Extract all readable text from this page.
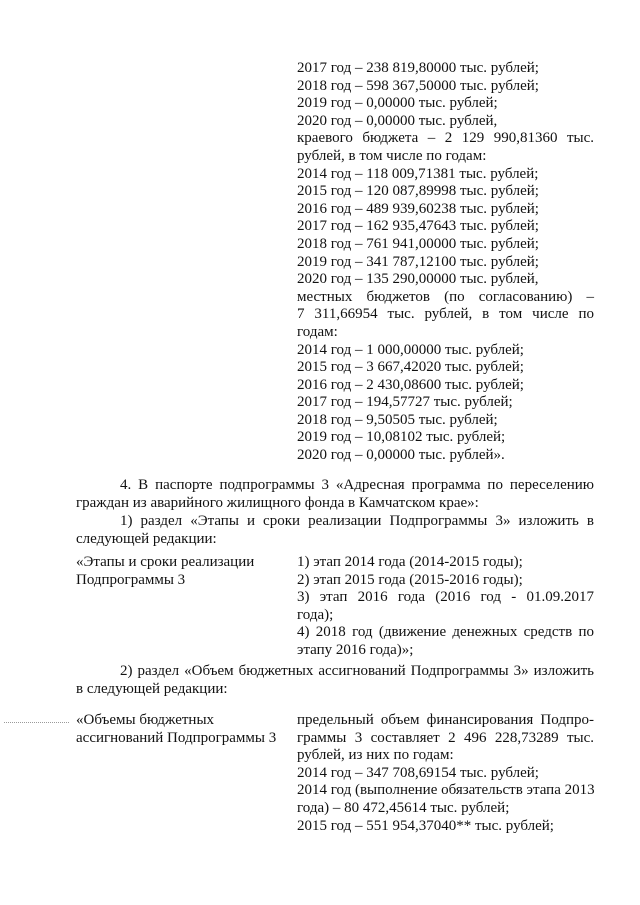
2017 год – 238 819,80000 тыс. рублей;
2018 год – 598 367,50000 тыс. рублей;
2019 год – 0,00000 тыс. рублей;
2020 год – 0,00000 тыс. рублей,
краевого бюджета – 2 129 990,81360 тыс.
рублей, в том числе по годам:
2014 год – 118 009,71381 тыс. рублей;
2015 год – 120 087,89998 тыс. рублей;
2016 год – 489 939,60238 тыс. рублей;
2017 год – 162 935,47643 тыс. рублей;
2018 год – 761 941,00000 тыс. рублей;
2019 год – 341 787,12100 тыс. рублей;
2020 год – 135 290,00000 тыс. рублей,
местных бюджетов (по согласованию) –
7 311,66954 тыс. рублей, в том числе по
годам:
2014 год – 1 000,00000 тыс. рублей;
2015 год – 3 667,42020 тыс. рублей;
2016 год – 2 430,08600 тыс. рублей;
2017 год – 194,57727 тыс. рублей;
2018 год – 9,50505 тыс. рублей;
2019 год – 10,08102 тыс. рублей;
2020 год – 0,00000 тыс. рублей».
4. В паспорте подпрограммы 3 «Адресная программа по переселению
граждан из аварийного жилищного фонда в Камчатском крае»:
1) раздел «Этапы и сроки реализации Подпрограммы 3» изложить в
следующей редакции:
«Этапы и сроки реализации
Подпрограммы 3
1) этап 2014 года (2014-2015 годы);
2) этап 2015 года (2015-2016 годы);
3) этап 2016 года (2016 год - 01.09.2017
года);
4) 2018 год (движение денежных средств по
этапу 2016 года)»;
2) раздел «Объем бюджетных ассигнований Подпрограммы 3» изложить
в следующей редакции:
«Объемы бюджетных
ассигнований Подпрограммы 3
предельный объем финансирования Подпро-
граммы 3 составляет 2 496 228,73289 тыс.
рублей, из них по годам:
2014 год – 347 708,69154 тыс. рублей;
2014 год (выполнение обязательств этапа 2013
года) – 80 472,45614 тыс. рублей;
2015 год – 551 954,37040** тыс. рублей;
